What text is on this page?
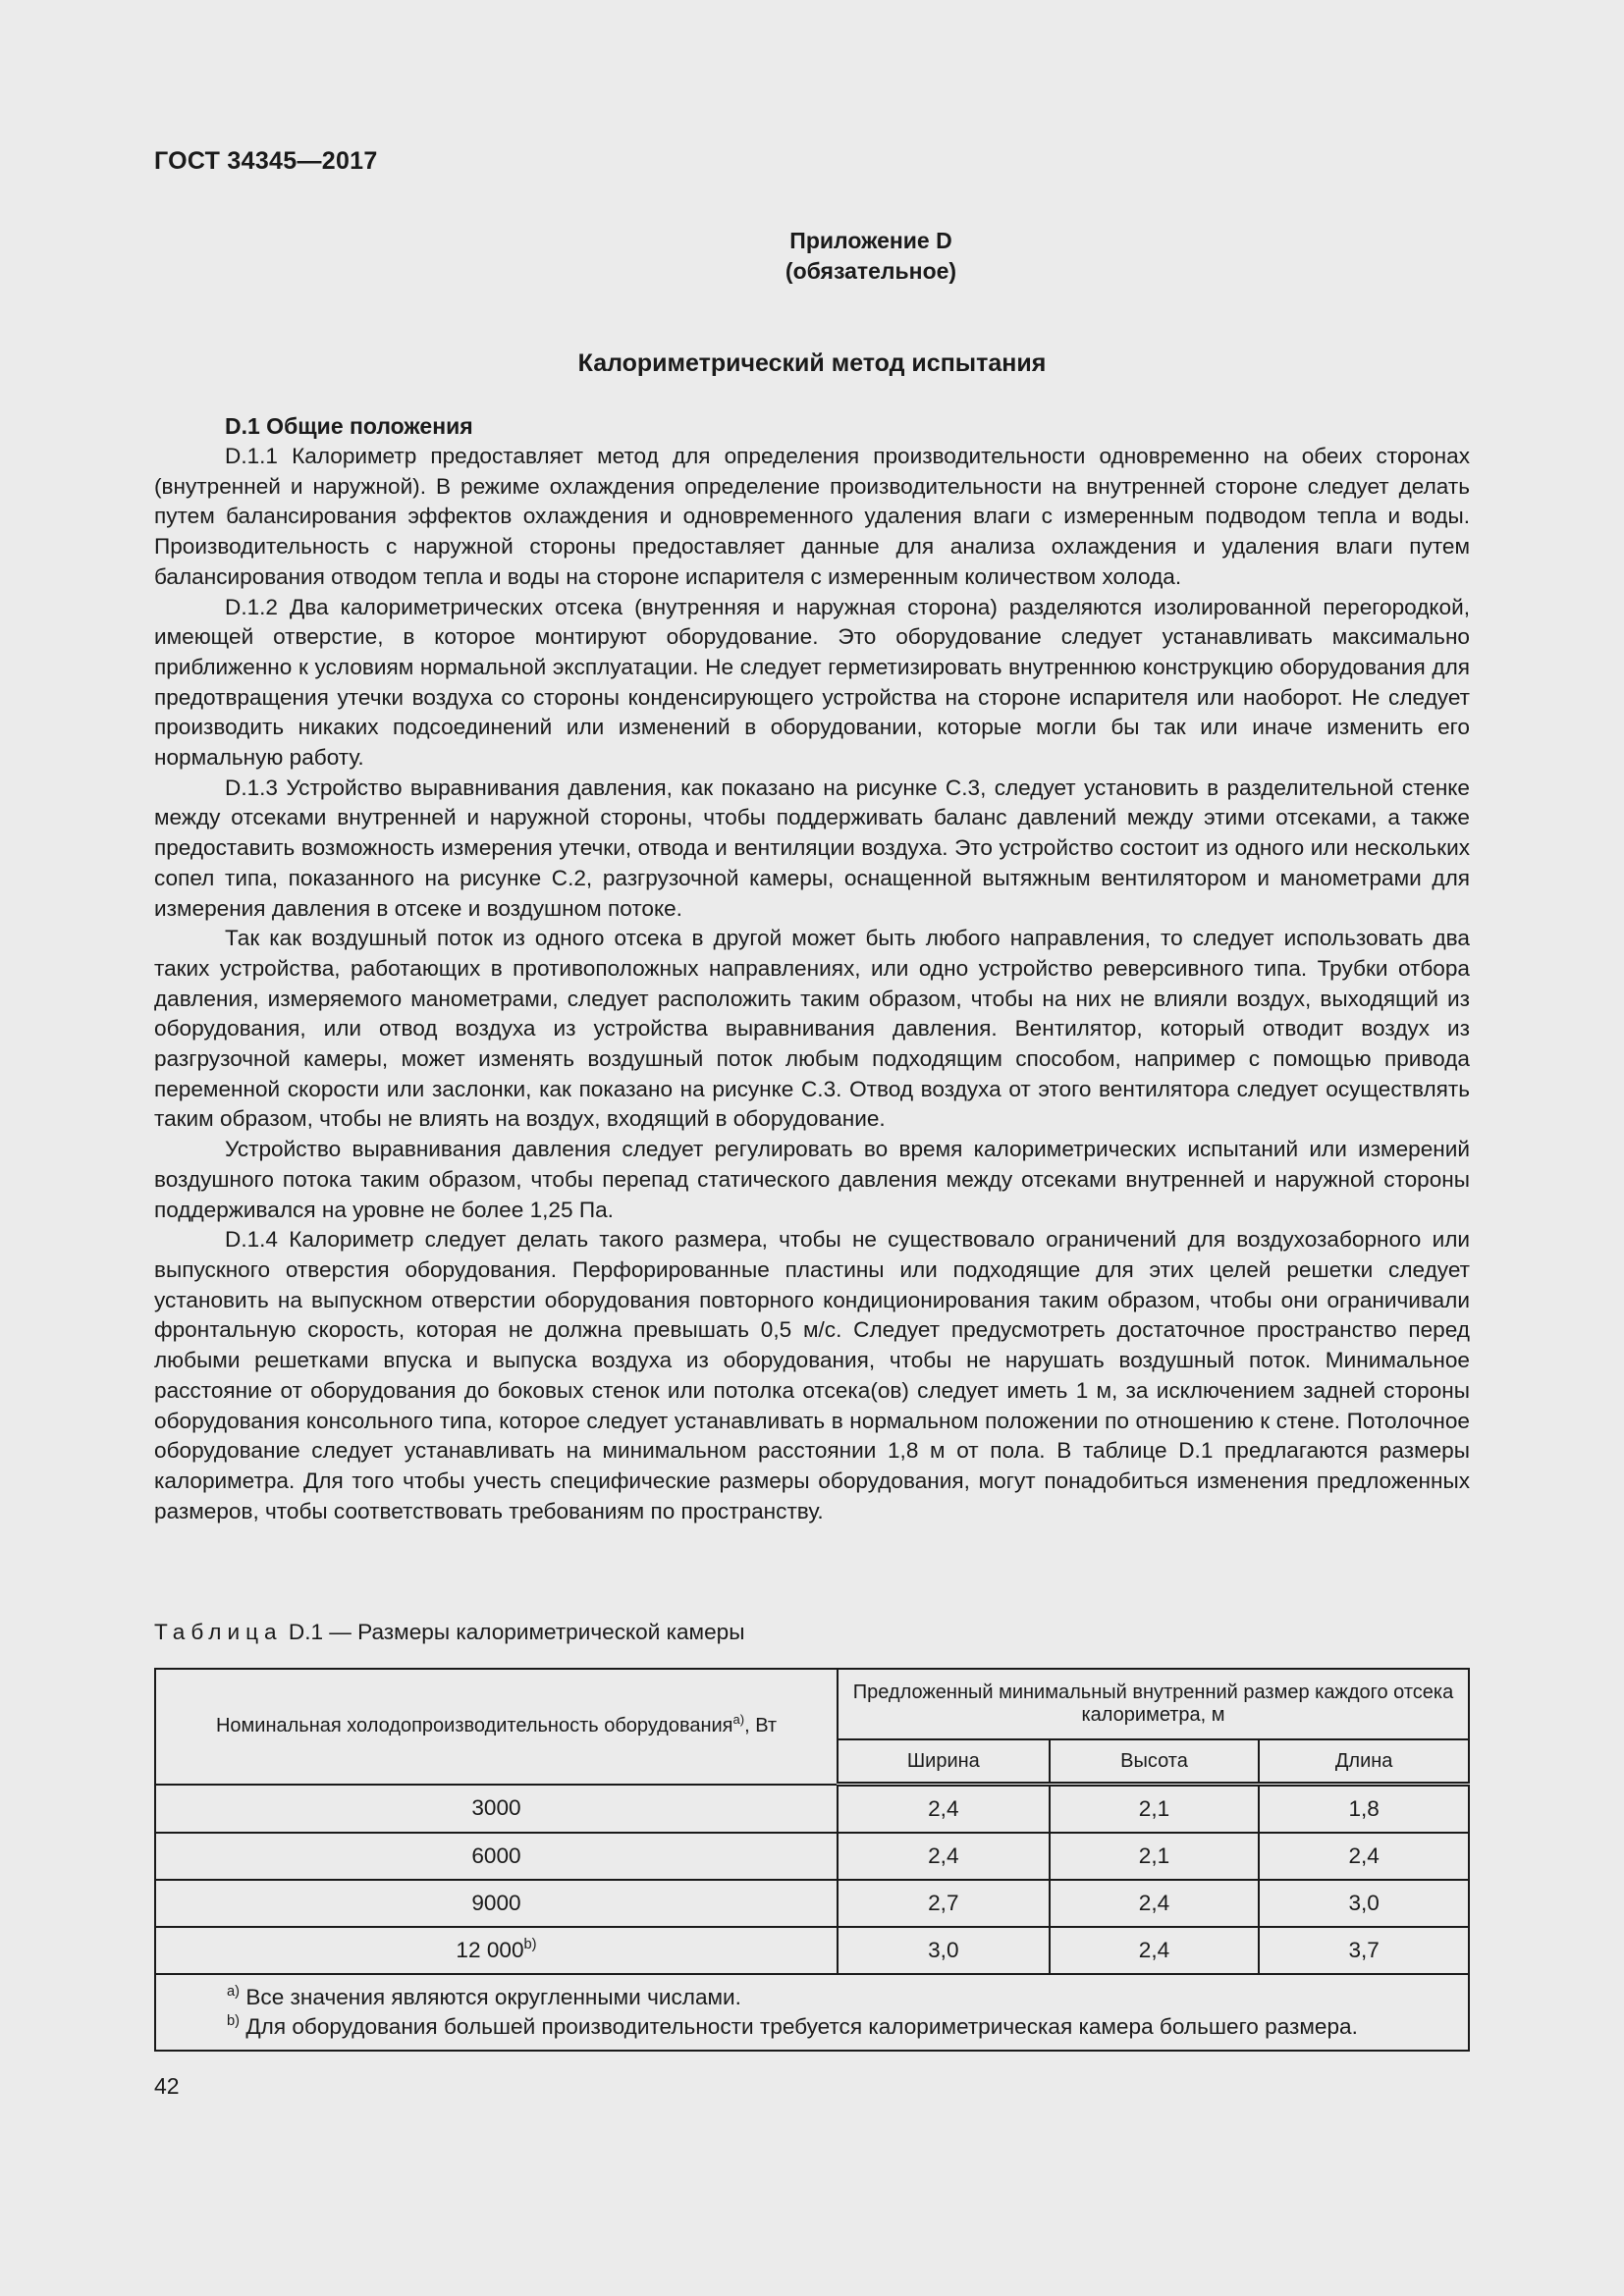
ГОСТ 34345—2017
Приложение D
(обязательное)
Калориметрический метод испытания
D.1 Общие положения

D.1.1 Калориметр предоставляет метод для определения производительности одновременно на обеих сторонах (внутренней и наружной). В режиме охлаждения определение производительности на внутренней стороне следует делать путем балансирования эффектов охлаждения и одновременного удаления влаги с измеренным подводом тепла и воды. Производительность с наружной стороны предоставляет данные для анализа охлаждения и удаления влаги путем балансирования отводом тепла и воды на стороне испарителя с измеренным количеством холода.

D.1.2 Два калориметрических отсека (внутренняя и наружная сторона) разделяются изолированной перегородкой, имеющей отверстие, в которое монтируют оборудование. Это оборудование следует устанавливать максимально приближенно к условиям нормальной эксплуатации. Не следует герметизировать внутреннюю конструкцию оборудования для предотвращения утечки воздуха со стороны конденсирующего устройства на стороне испарителя или наоборот. Не следует производить никаких подсоединений или изменений в оборудовании, которые могли бы так или иначе изменить его нормальную работу.

D.1.3 Устройство выравнивания давления, как показано на рисунке С.3, следует установить в разделительной стенке между отсеками внутренней и наружной стороны, чтобы поддерживать баланс давлений между этими отсеками, а также предоставить возможность измерения утечки, отвода и вентиляции воздуха. Это устройство состоит из одного или нескольких сопел типа, показанного на рисунке С.2, разгрузочной камеры, оснащенной вытяжным вентилятором и манометрами для измерения давления в отсеке и воздушном потоке.

Так как воздушный поток из одного отсека в другой может быть любого направления, то следует использовать два таких устройства, работающих в противоположных направлениях, или одно устройство реверсивного типа. Трубки отбора давления, измеряемого манометрами, следует расположить таким образом, чтобы на них не влияли воздух, выходящий из оборудования, или отвод воздуха из устройства выравнивания давления. Вентилятор, который отводит воздух из разгрузочной камеры, может изменять воздушный поток любым подходящим способом, например с помощью привода переменной скорости или заслонки, как показано на рисунке С.3. Отвод воздуха от этого вентилятора следует осуществлять таким образом, чтобы не влиять на воздух, входящий в оборудование.

Устройство выравнивания давления следует регулировать во время калориметрических испытаний или измерений воздушного потока таким образом, чтобы перепад статического давления между отсеками внутренней и наружной стороны поддерживался на уровне не более 1,25 Па.

D.1.4 Калориметр следует делать такого размера, чтобы не существовало ограничений для воздухозаборного или выпускного отверстия оборудования. Перфорированные пластины или подходящие для этих целей решетки следует установить на выпускном отверстии оборудования повторного кондиционирования таким образом, чтобы они ограничивали фронтальную скорость, которая не должна превышать 0,5 м/с. Следует предусмотреть достаточное пространство перед любыми решетками впуска и выпуска воздуха из оборудования, чтобы не нарушать воздушный поток. Минимальное расстояние от оборудования до боковых стенок или потолка отсека(ов) следует иметь 1 м, за исключением задней стороны оборудования консольного типа, которое следует устанавливать в нормальном положении по отношению к стене. Потолочное оборудование следует устанавливать на минимальном расстоянии 1,8 м от пола. В таблице D.1 предлагаются размеры калориметра. Для того чтобы учесть специфические размеры оборудования, могут понадобиться изменения предложенных размеров, чтобы соответствовать требованиям по пространству.

Таблица D.1 — Размеры калориметрической камеры
Номинальная холодопроизводительность оборудования$^{а)}$, Вт	Предложенный минимальный внутренний размер каждого отсека калориметра, м		
	Ширина	Высота	Длина
3000	2,4	2,1	1,8
6000	2,4	2,1	2,4
9000	2,7	2,4	3,0
12 000$^{b)}$	3,0	2,4	3,7

$^{а)}$ Все значения являются округленными числами.
$^{b)}$ Для оборудования большей производительности требуется калориметрическая камера большего размера.			
42
